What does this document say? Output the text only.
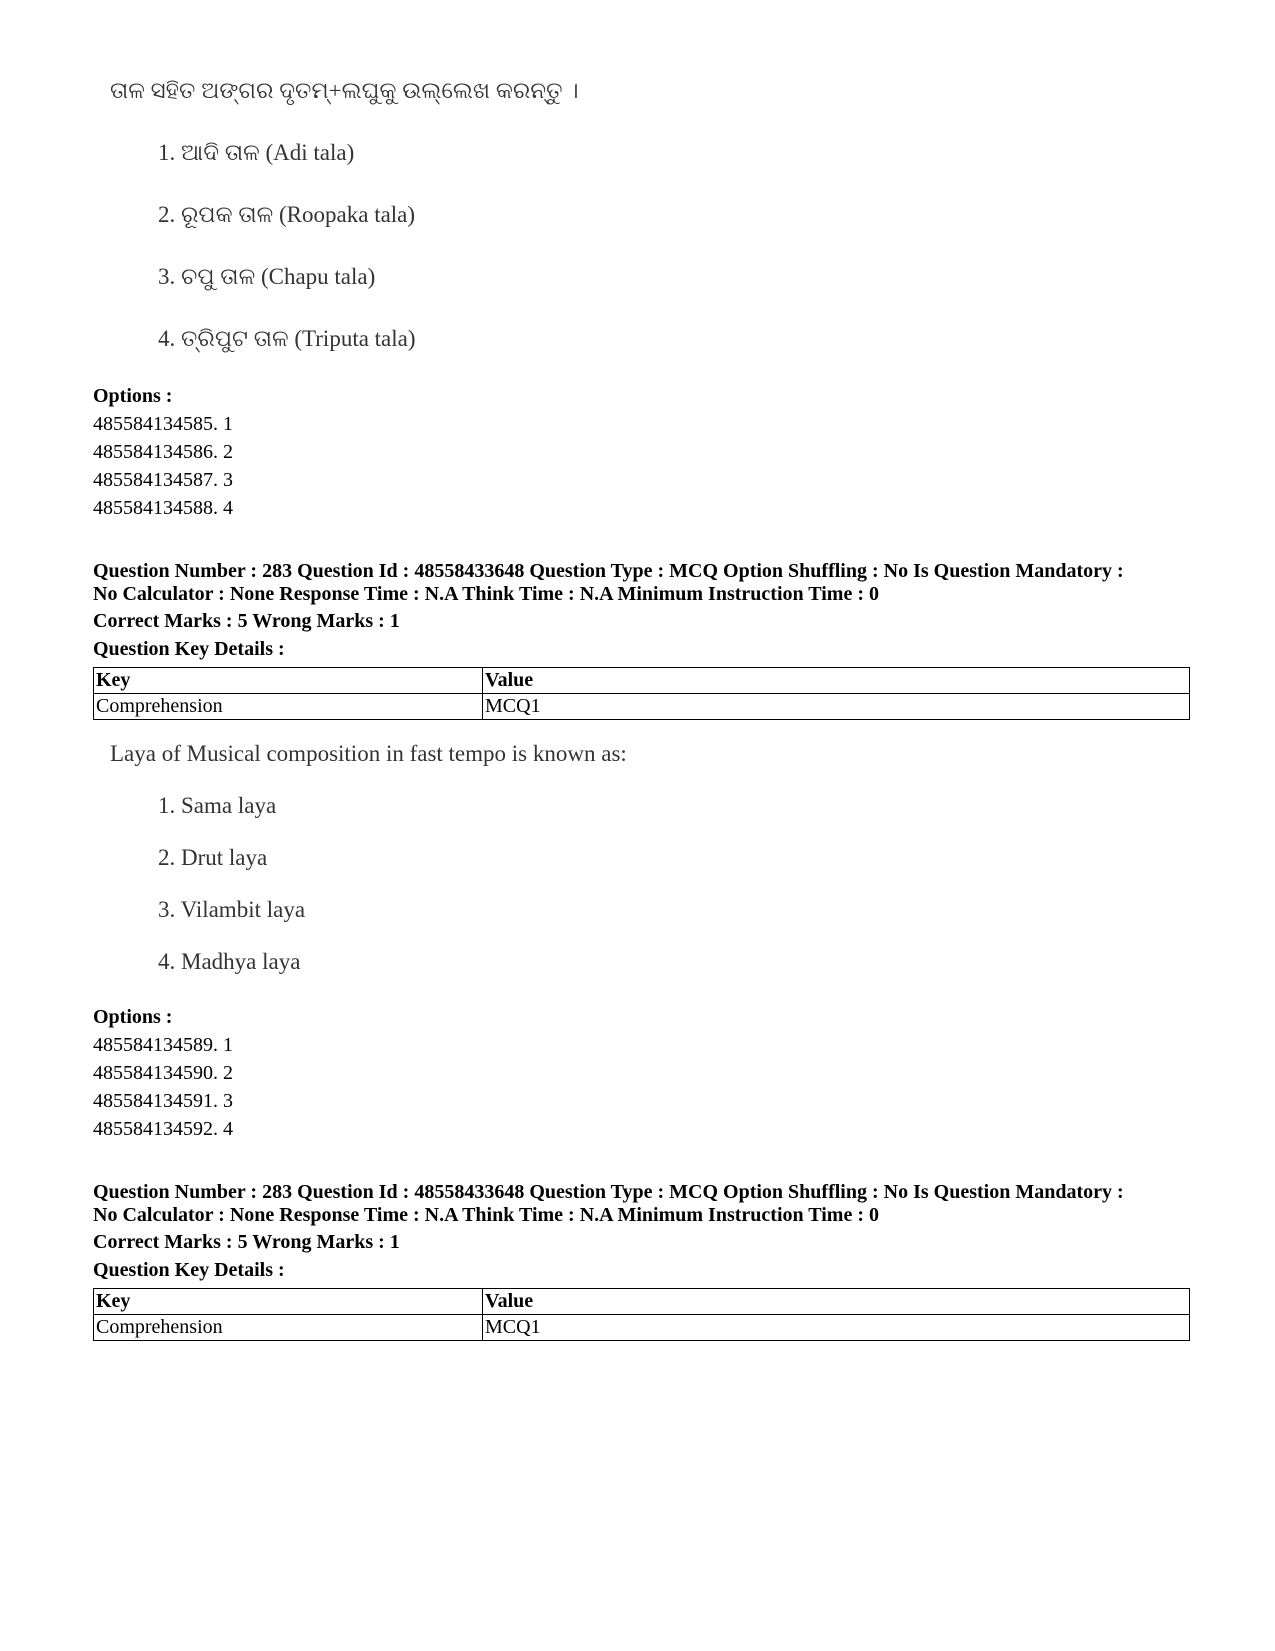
ତାଳ ସହିତ ଅଙ୍ଗର ଦୃତମ୍+ଲଘୁକୁ ଉଲ୍ଲେଖ କରନ୍ତୁ ।
1. ଆଦି ତାଳ (Adi tala)
2. ରୂପକ ତାଳ (Roopaka tala)
3. ଚପୁ ତାଳ (Chapu tala)
4. ତ୍ରିପୁଟ ତାଳ (Triputa tala)
Options :
485584134585. 1
485584134586. 2
485584134587. 3
485584134588. 4
Question Number : 283 Question Id : 48558433648 Question Type : MCQ Option Shuffling : No Is Question Mandatory :
No Calculator : None Response Time : N.A Think Time : N.A Minimum Instruction Time : 0
Correct Marks : 5 Wrong Marks : 1
Question Key Details :
Key	Value
Comprehension	MCQ1
Laya of Musical composition in fast tempo is known as:
1. Sama laya
2. Drut laya
3. Vilambit laya
4. Madhya laya
Options :
485584134589. 1
485584134590. 2
485584134591. 3
485584134592. 4
Question Number : 283 Question Id : 48558433648 Question Type : MCQ Option Shuffling : No Is Question Mandatory :
No Calculator : None Response Time : N.A Think Time : N.A Minimum Instruction Time : 0
Correct Marks : 5 Wrong Marks : 1
Question Key Details :
Key	Value
Comprehension	MCQ1
